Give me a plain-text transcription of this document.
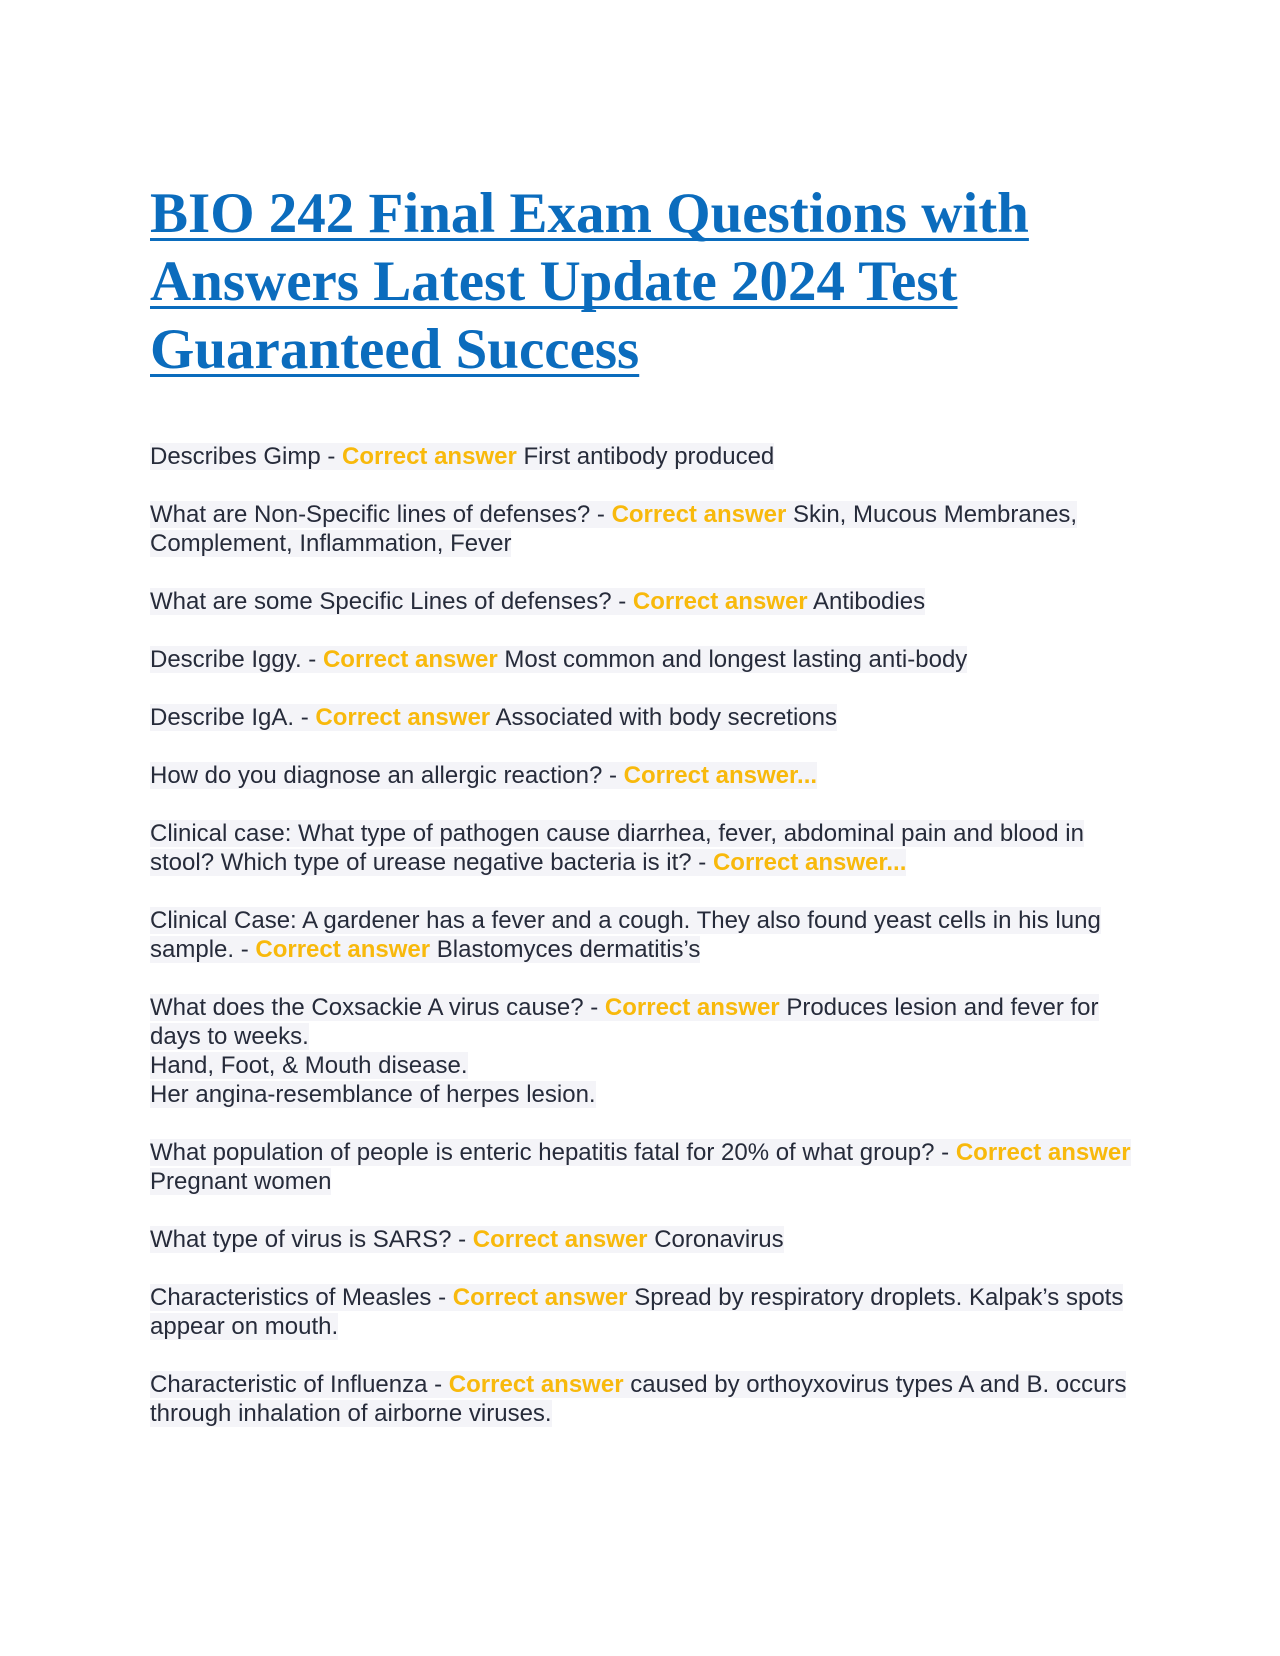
BIO 242 Final Exam Questions with Answers Latest Update 2024 Test Guaranteed Success
Describes Gimp - Correct answer First antibody produced
What are Non-Specific lines of defenses? - Correct answer Skin, Mucous Membranes, Complement, Inflammation, Fever
What are some Specific Lines of defenses? - Correct answer Antibodies
Describe Iggy. - Correct answer Most common and longest lasting anti-body
Describe IgA. - Correct answer Associated with body secretions
How do you diagnose an allergic reaction? - Correct answer...
Clinical case: What type of pathogen cause diarrhea, fever, abdominal pain and blood in stool? Which type of urease negative bacteria is it? - Correct answer...
Clinical Case: A gardener has a fever and a cough. They also found yeast cells in his lung sample. - Correct answer Blastomyces dermatitis’s
What does the Coxsackie A virus cause? - Correct answer Produces lesion and fever for days to weeks.
Hand, Foot, & Mouth disease.
Her angina-resemblance of herpes lesion.
What population of people is enteric hepatitis fatal for 20% of what group? - Correct answer Pregnant women
What type of virus is SARS? - Correct answer Coronavirus
Characteristics of Measles - Correct answer Spread by respiratory droplets. Kalpak’s spots appear on mouth.
Characteristic of Influenza - Correct answer caused by orthoyxovirus types A and B. occurs through inhalation of airborne viruses.
